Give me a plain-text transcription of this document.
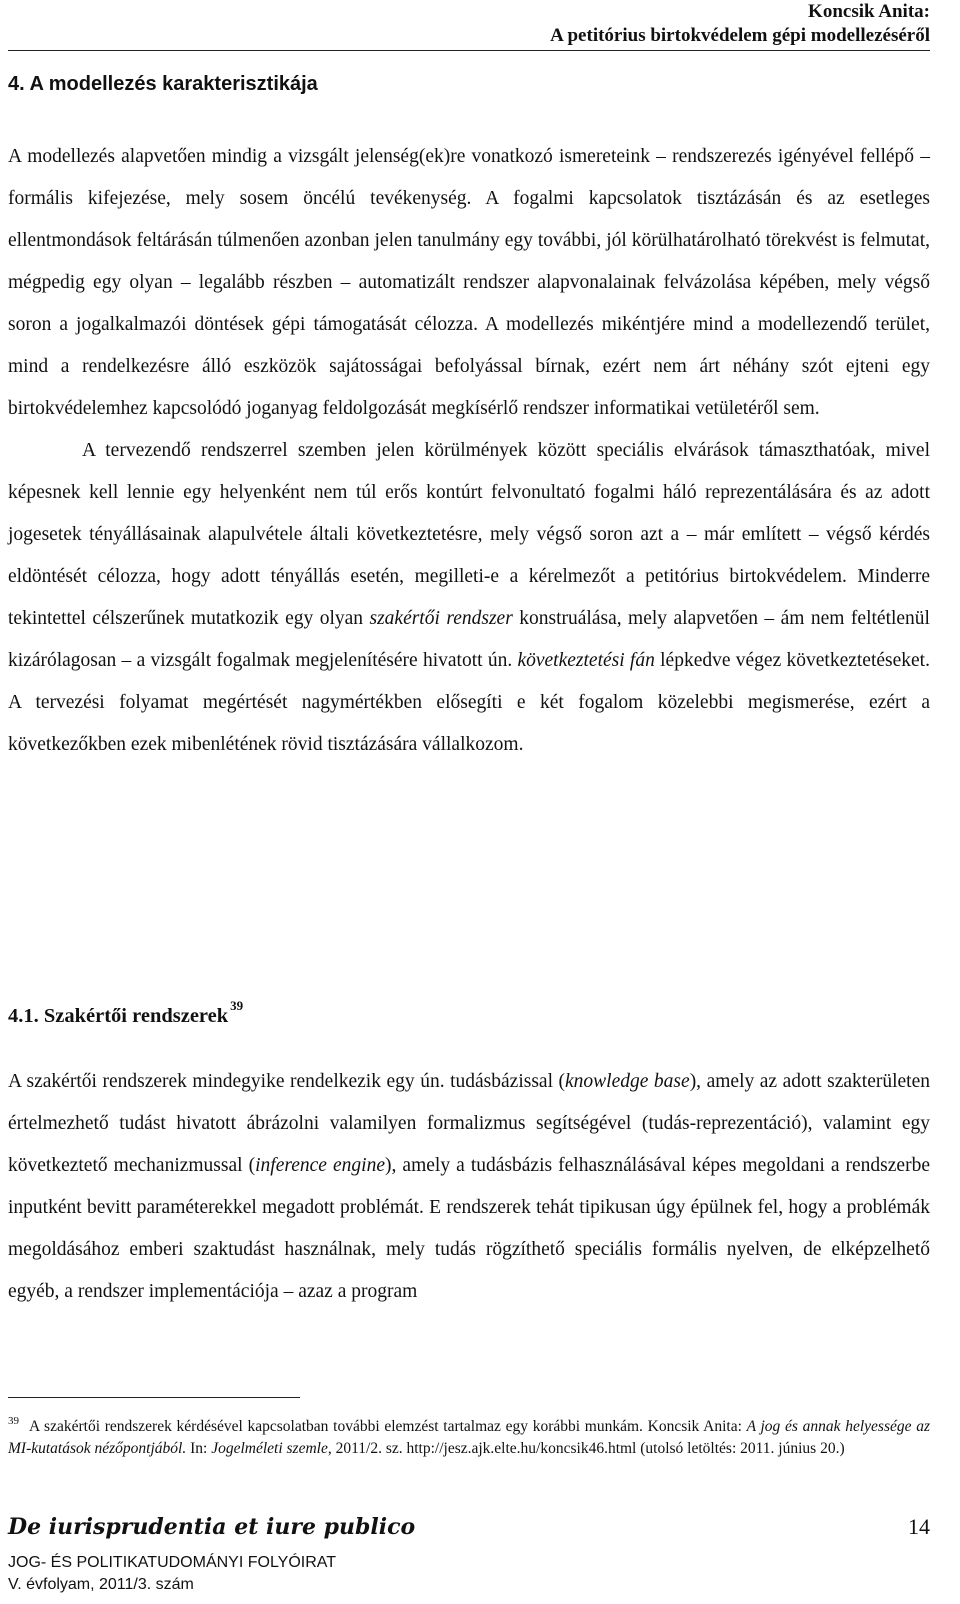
Koncsik Anita:
A petitórius birtokvédelem gépi modellezéséről
4. A modellezés karakterisztikája

A modellezés alapvetően mindig a vizsgált jelenség(ek)re vonatkozó ismereteink – rendszerezés igényével fellépő – formális kifejezése, mely sosem öncélú tevékenység. A fogalmi kapcsolatok tisztázásán és az esetleges ellentmondások feltárásán túlmenően azonban jelen tanulmány egy további, jól körülhatárolható törekvést is felmutat, mégpedig egy olyan – legalább részben – automatizált rendszer alapvonalainak felvázolása képében, mely végső soron a jogalkalmazói döntések gépi támogatását célozza. A modellezés mikéntjére mind a modellezendő terület, mind a rendelkezésre álló eszközök sajátosságai befolyással bírnak, ezért nem árt néhány szót ejteni egy birtokvédelemhez kapcsolódó joganyag feldolgozását megkísérlő rendszer informatikai vetületéről sem.

A tervezendő rendszerrel szemben jelen körülmények között speciális elvárások támaszthatóak, mivel képesnek kell lennie egy helyenként nem túl erős kontúrt felvonultató fogalmi háló reprezentálására és az adott jogesetek tényállásainak alapulvétele általi következtetésre, mely végső soron azt a – már említett – végső kérdés eldöntését célozza, hogy adott tényállás esetén, megilleti-e a kérelmezőt a petitórius birtokvédelem. Minderre tekintettel célszerűnek mutatkozik egy olyan szakértői rendszer konstruálása, mely alapvetően – ám nem feltétlenül kizárólagosan – a vizsgált fogalmak megjelenítésére hivatott ún. következtetési fán lépkedve végez következtetéseket. A tervezési folyamat megértését nagymértékben elősegíti e két fogalom közelebbi megismerése, ezért a következőkben ezek mibenlétének rövid tisztázására vállalkozom.

4.1. Szakértői rendszerek $^{39}$

A szakértői rendszerek mindegyike rendelkezik egy ún. tudásbázissal (knowledge base), amely az adott szakterületen értelmezhető tudást hivatott ábrázolni valamilyen formalizmus segítségével (tudás-reprezentáció), valamint egy következtető mechanizmussal (inference engine), amely a tudásbázis felhasználásával képes megoldani a rendszerbe inputként bevitt paraméterekkel megadott problémát. E rendszerek tehát tipikusan úgy épülnek fel, hogy a problémák megoldásához emberi szaktudást használnak, mely tudás rögzíthető speciális formális nyelven, de elképzelhető egyéb, a rendszer implementációja – azaz a program

$^{39}$ A szakértői rendszerek kérdésével kapcsolatban további elemzést tartalmaz egy korábbi munkám. Koncsik Anita: A jog és annak helyessége az MI-kutatások nézőpontjából. In: Jogelméleti szemle, 2011/2. sz. http://jesz.ajk.elte.hu/koncsik46.html (utolsó letöltés: 2011. június 20.)
De iurisprudentia et iure publico
JOG- ÉS POLITIKATUDOMÁNYI FOLYÓIRAT
V. évfolyam, 2011/3. szám
14
